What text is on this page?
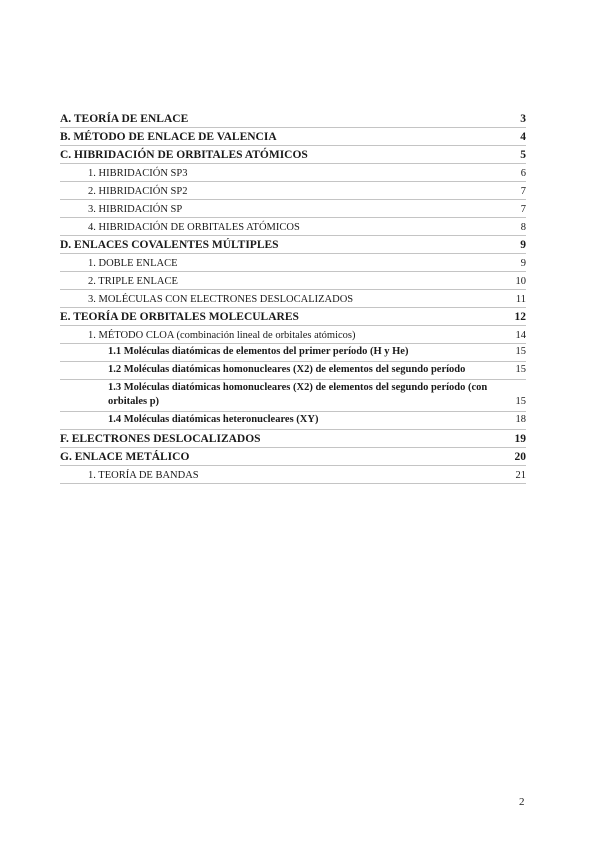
A. TEORÍA DE ENLACE	3
B. MÉTODO DE ENLACE DE VALENCIA	4
C. HIBRIDACIÓN DE ORBITALES ATÓMICOS	5
1. HIBRIDACIÓN SP3	6
2. HIBRIDACIÓN SP2	7
3. HIBRIDACIÓN SP	7
4. HIBRIDACIÓN DE ORBITALES ATÓMICOS	8
D. ENLACES COVALENTES MÚLTIPLES	9
1. DOBLE ENLACE	9
2. TRIPLE ENLACE	10
3. MOLÉCULAS CON ELECTRONES DESLOCALIZADOS	11
E. TEORÍA DE ORBITALES MOLECULARES	12
1. MÉTODO CLOA (combinación lineal de orbitales atómicos)	14
1.1 Moléculas diatómicas de elementos del primer período (H y He)	15
1.2 Moléculas diatómicas homonucleares (X2) de elementos del segundo período	15
1.3 Moléculas diatómicas homonucleares (X2) de elementos del segundo período (con orbitales p)	15
1.4 Moléculas diatómicas heteronucleares (XY)	18
F. ELECTRONES DESLOCALIZADOS	19
G. ENLACE METÁLICO	20
1. TEORÍA DE BANDAS	21
2
